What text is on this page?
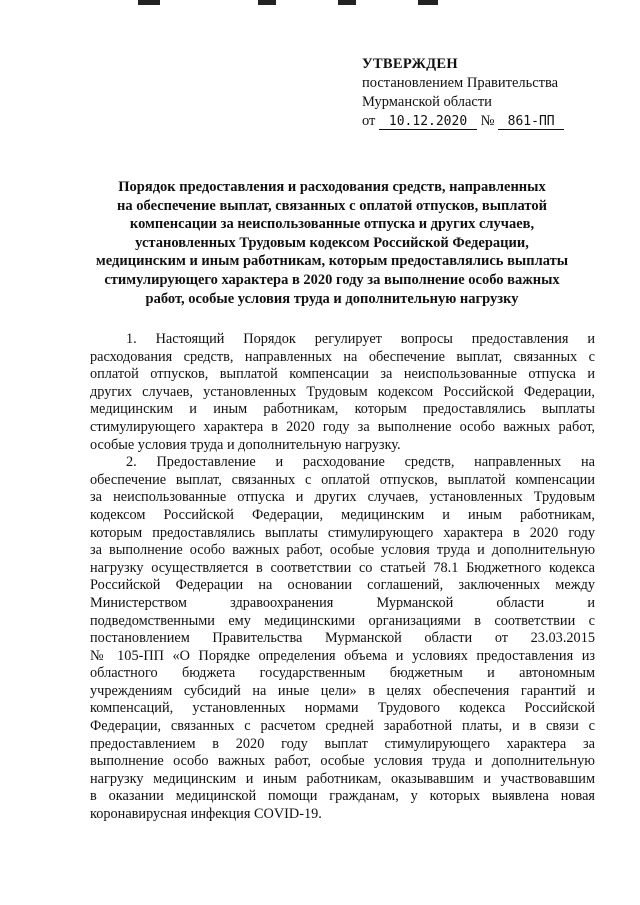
УТВЕРЖДЕН
постановлением Правительства
Мурманской области
от 10.12.2020 № 861-ПП
Порядок предоставления и расходования средств, направленных
на обеспечение выплат, связанных с оплатой отпусков, выплатой
компенсации за неиспользованные отпуска и других случаев,
установленных Трудовым кодексом Российской Федерации,
медицинским и иным работникам, которым предоставлялись выплаты
стимулирующего характера в 2020 году за выполнение особо важных
работ, особые условия труда и дополнительную нагрузку
1. Настоящий Порядок регулирует вопросы предоставления и
расходования средств, направленных на обеспечение выплат, связанных с
оплатой отпусков, выплатой компенсации за неиспользованные отпуска и
других случаев, установленных Трудовым кодексом Российской Федерации,
медицинским и иным работникам, которым предоставлялись выплаты
стимулирующего характера в 2020 году за выполнение особо важных работ,
особые условия труда и дополнительную нагрузку.
2. Предоставление и расходование средств, направленных на
обеспечение выплат, связанных с оплатой отпусков, выплатой компенсации
за неиспользованные отпуска и других случаев, установленных Трудовым
кодексом Российской Федерации, медицинским и иным работникам,
которым предоставлялись выплаты стимулирующего характера в 2020 году
за выполнение особо важных работ, особые условия труда и дополнительную
нагрузку осуществляется в соответствии со статьей 78.1 Бюджетного кодекса
Российской Федерации на основании соглашений, заключенных между
Министерством здравоохранения Мурманской области и
подведомственными ему медицинскими организациями в соответствии с
постановлением Правительства Мурманской области от 23.03.2015
№ 105-ПП «О Порядке определения объема и условиях предоставления из
областного бюджета государственным бюджетным и автономным
учреждениям субсидий на иные цели» в целях обеспечения гарантий и
компенсаций, установленных нормами Трудового кодекса Российской
Федерации, связанных с расчетом средней заработной платы, и в связи с
предоставлением в 2020 году выплат стимулирующего характера за
выполнение особо важных работ, особые условия труда и дополнительную
нагрузку медицинским и иным работникам, оказывавшим и участвовавшим
в оказании медицинской помощи гражданам, у которых выявлена новая
коронавирусная инфекция COVID-19.
